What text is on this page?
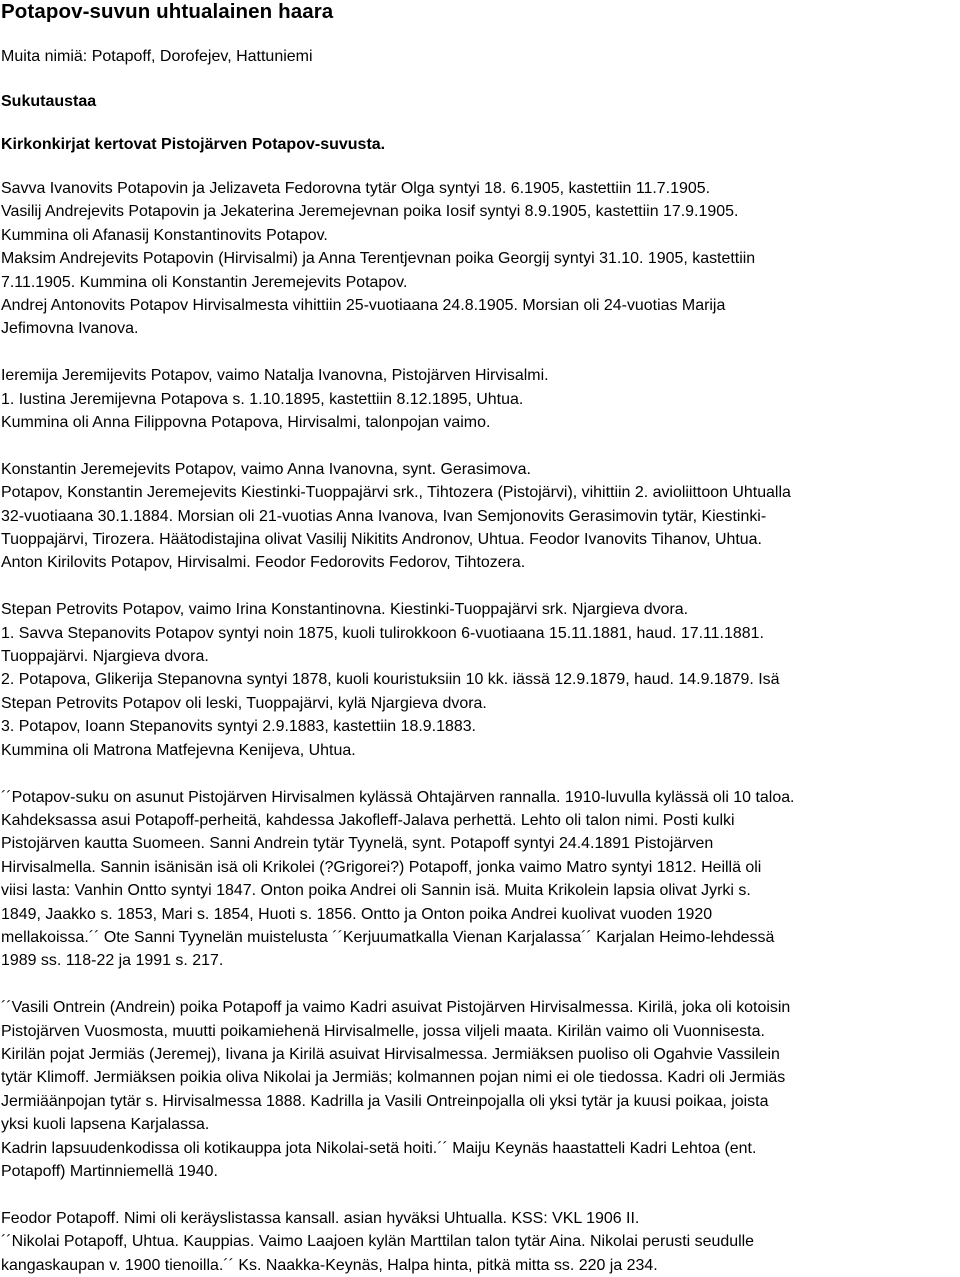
Potapov-suvun uhtualainen haara
Muita nimiä: Potapoff, Dorofejev, Hattuniemi
Sukutaustaa
Kirkonkirjat kertovat Pistojärven Potapov-suvusta.

Savva Ivanovits Potapovin ja Jelizaveta Fedorovna tytär Olga syntyi 18. 6.1905, kastettiin 11.7.1905.

Vasilij Andrejevits Potapovin ja Jekaterina Jeremejevnan poika Iosif syntyi 8.9.1905, kastettiin 17.9.1905.

Kummina oli Afanasij Konstantinovits Potapov.

Maksim Andrejevits Potapovin (Hirvisalmi) ja Anna Terentjevnan poika Georgij syntyi 31.10. 1905, kastettiin

7.11.1905. Kummina oli Konstantin Jeremejevits Potapov.

Andrej Antonovits Potapov Hirvisalmesta vihittiin 25-vuotiaana 24.8.1905. Morsian oli 24-vuotias Marija

Jefimovna Ivanova.

Ieremija Jeremijevits Potapov, vaimo Natalja Ivanovna, Pistojärven Hirvisalmi.

1. Iustina Jeremijevna Potapova s. 1.10.1895, kastettiin 8.12.1895, Uhtua.

Kummina oli Anna Filippovna Potapova, Hirvisalmi, talonpojan vaimo.

Konstantin Jeremejevits Potapov, vaimo Anna Ivanovna, synt. Gerasimova.

Potapov, Konstantin Jeremejevits Kiestinki-Tuoppajärvi srk., Tihtozera (Pistojärvi), vihittiin 2. avioliittoon Uhtualla

32-vuotiaana 30.1.1884. Morsian oli 21-vuotias Anna Ivanova, Ivan Semjonovits Gerasimovin tytär, Kiestinki-

Tuoppajärvi, Tirozera. Häätodistajina olivat Vasilij Nikitits Andronov, Uhtua. Feodor Ivanovits Tihanov, Uhtua.

Anton Kirilovits Potapov, Hirvisalmi. Feodor Fedorovits Fedorov, Tihtozera.

Stepan Petrovits Potapov, vaimo Irina Konstantinovna. Kiestinki-Tuoppajärvi srk. Njargieva dvora.

1. Savva Stepanovits Potapov syntyi noin 1875, kuoli tulirokkoon 6-vuotiaana 15.11.1881, haud. 17.11.1881.

Tuoppajärvi. Njargieva dvora.

2. Potapova, Glikerija Stepanovna syntyi 1878, kuoli kouristuksiin 10 kk. iässä 12.9.1879, haud. 14.9.1879. Isä

Stepan Petrovits Potapov oli leski, Tuoppajärvi, kylä Njargieva dvora.

3. Potapov, Ioann Stepanovits syntyi 2.9.1883, kastettiin 18.9.1883.

Kummina oli Matrona Matfejevna Kenijeva, Uhtua.

´´Potapov-suku on asunut Pistojärven Hirvisalmen kylässä Ohtajärven rannalla. 1910-luvulla kylässä oli 10 taloa.

Kahdeksassa asui Potapoff-perheitä, kahdessa Jakofleff-Jalava perhettä. Lehto oli talon nimi. Posti kulki

Pistojärven kautta Suomeen. Sanni Andrein tytär Tyynelä, synt. Potapoff syntyi 24.4.1891 Pistojärven

Hirvisalmella. Sannin isänisän isä oli Krikolei (?Grigorei?) Potapoff, jonka vaimo Matro syntyi 1812. Heillä oli

viisi lasta: Vanhin Ontto syntyi 1847. Onton poika Andrei oli Sannin isä. Muita Krikolein lapsia olivat Jyrki s.

1849, Jaakko s. 1853, Mari s. 1854, Huoti s. 1856. Ontto ja Onton poika Andrei kuolivat vuoden 1920

mellakoissa.´´ Ote Sanni Tyynelän muistelusta ´´Kerjuumatkalla Vienan Karjalassa´´ Karjalan Heimo-lehdessä

1989 ss. 118-22 ja 1991 s. 217.

´´Vasili Ontrein (Andrein) poika Potapoff ja vaimo Kadri asuivat Pistojärven Hirvisalmessa. Kirilä, joka oli kotoisin

Pistojärven Vuosmosta, muutti poikamiehenä Hirvisalmelle, jossa viljeli maata. Kirilän vaimo oli Vuonnisesta.

Kirilän pojat Jermiäs (Jeremej), Iivana ja Kirilä asuivat Hirvisalmessa. Jermiäksen puoliso oli Ogahvie Vassilein

tytär Klimoff. Jermiäksen poikia oliva Nikolai ja Jermiäs; kolmannen pojan nimi ei ole tiedossa. Kadri oli Jermiäs

Jermiäänpojan tytär s. Hirvisalmessa 1888. Kadrilla ja Vasili Ontreinpojalla oli yksi tytär ja kuusi poikaa, joista

yksi kuoli lapsena Karjalassa.

Kadrin lapsuudenkodissa oli kotikauppa jota Nikolai-setä hoiti.´´ Maiju Keynäs haastatteli Kadri Lehtoa (ent.

Potapoff) Martinniemellä 1940.

Feodor Potapoff. Nimi oli keräyslistassa kansall. asian hyväksi Uhtualla. KSS: VKL 1906 II.

´´Nikolai Potapoff, Uhtua. Kauppias. Vaimo Laajoen kylän Marttilan talon tytär Aina. Nikolai perusti seudulle

kangaskaupan v. 1900 tienoilla.´´ Ks. Naakka-Keynäs, Halpa hinta, pitkä mitta ss. 220 ja 234.
